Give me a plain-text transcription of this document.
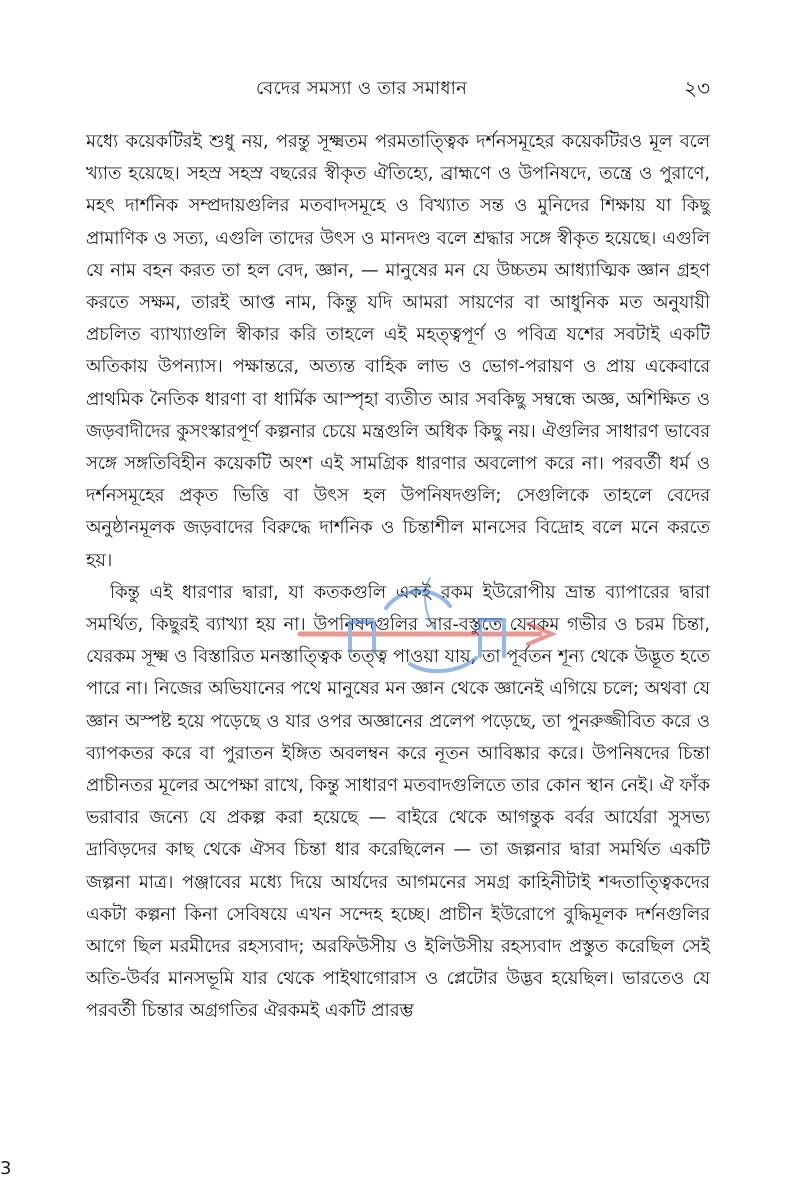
বেদের সমস্যা ও তার সমাধান	২৩

মধ্যে কয়েকটিরই শুধু নয়, পরন্তু সূক্ষ্মতম পরমতাত্ত্বিক দর্শনসমূহের কয়েকটিরও মূল বলে খ্যাত হয়েছে। সহস্র সহস্র বছরের স্বীকৃত ঐতিহ্যে, ব্রাহ্মণে ও উপনিষদে, তন্ত্রে ও পুরাণে, মহৎ দার্শনিক সম্প্রদায়গুলির মতবাদসমূহে ও বিখ্যাত সন্ত ও মুনিদের শিক্ষায় যা কিছু প্রামাণিক ও সত্য, এগুলি তাদের উৎস ও মানদণ্ড বলে শ্রদ্ধার সঙ্গে স্বীকৃত হয়েছে। এগুলি যে নাম বহন করত তা হল বেদ, জ্ঞান, — মানুষের মন যে উচ্চতম আধ্যাত্মিক জ্ঞান গ্রহণ করতে সক্ষম, তারই আপ্ত নাম, কিন্তু যদি আমরা সায়ণের বা আধুনিক মত অনুযায়ী প্রচলিত ব্যাখ্যাগুলি স্বীকার করি তাহলে এই মহত্ত্বপূর্ণ ও পবিত্র যশের সবটাই একটি অতিকায় উপন্যাস। পক্ষান্তরে, অত্যন্ত বাহিক লাভ ও ভোগ-পরায়ণ ও প্রায় একেবারে প্রাথমিক নৈতিক ধারণা বা ধার্মিক আস্পৃহা ব্যতীত আর সবকিছু সম্বন্ধে অজ্ঞ, অশিক্ষিত ও জড়বাদীদের কুসংস্কারপূর্ণ কল্পনার চেয়ে মন্ত্রগুলি অধিক কিছু নয়। ঐগুলির সাধারণ ভাবের সঙ্গে সঙ্গতিবিহীন কয়েকটি অংশ এই সামগ্রিক ধারণার অবলোপ করে না। পরবর্তী ধর্ম ও দর্শনসমূহের প্রকৃত ভিত্তি বা উৎস হল উপনিষদগুলি; সেগুলিকে তাহলে বেদের অনুষ্ঠানমূলক জড়বাদের বিরুদ্ধে দার্শনিক ও চিন্তাশীল মানসের বিদ্রোহ বলে মনে করতে হয়।

কিন্তু এই ধারণার দ্বারা, যা কতকগুলি একই রকম ইউরোপীয় ভ্রান্ত ব্যাপারের দ্বারা সমর্থিত, কিছুরই ব্যাখ্যা হয় না। উপনিষদগুলির সার-বস্তুতে যেরকম গভীর ও চরম চিন্তা, যেরকম সূক্ষ্ম ও বিস্তারিত মনস্তাত্ত্বিক তত্ত্ব পাওয়া যায়, তা পূর্বতন শূন্য থেকে উদ্ভূত হতে পারে না। নিজের অভিযানের পথে মানুষের মন জ্ঞান থেকে জ্ঞানেই এগিয়ে চলে; অথবা যে জ্ঞান অস্পষ্ট হয়ে পড়েছে ও যার ওপর অজ্ঞানের প্রলেপ পড়েছে, তা পুনরুজ্জীবিত করে ও ব্যাপকতর করে বা পুরাতন ইঙ্গিত অবলম্বন করে নূতন আবিষ্কার করে। উপনিষদের চিন্তা প্রাচীনতর মূলের অপেক্ষা রাখে, কিন্তু সাধারণ মতবাদগুলিতে তার কোন স্থান নেই। ঐ ফাঁক ভরাবার জন্যে যে প্রকল্প করা হয়েছে — বাইরে থেকে আগন্তুক বর্বর আর্যেরা সুসভ্য দ্রাবিড়দের কাছ থেকে ঐসব চিন্তা ধার করেছিলেন — তা জল্পনার দ্বারা সমর্থিত একটি জল্পনা মাত্র। পঞ্জাবের মধ্যে দিয়ে আর্যদের আগমনের সমগ্র কাহিনীটাই শব্দতাত্ত্বিকদের একটা কল্পনা কিনা সেবিষয়ে এখন সন্দেহ হচ্ছে। প্রাচীন ইউরোপে বুদ্ধিমূলক দর্শনগুলির আগে ছিল মরমীদের রহস্যবাদ; অরফিউসীয় ও ইলিউসীয় রহস্যবাদ প্রস্তুত করেছিল সেই অতি-উর্বর মানসভূমি যার থেকে পাইথাগোরাস ও প্লেটোর উদ্ভব হয়েছিল। ভারতেও যে পরবর্তী চিন্তার অগ্রগতির ঐরকমই একটি প্রারম্ভ

3
